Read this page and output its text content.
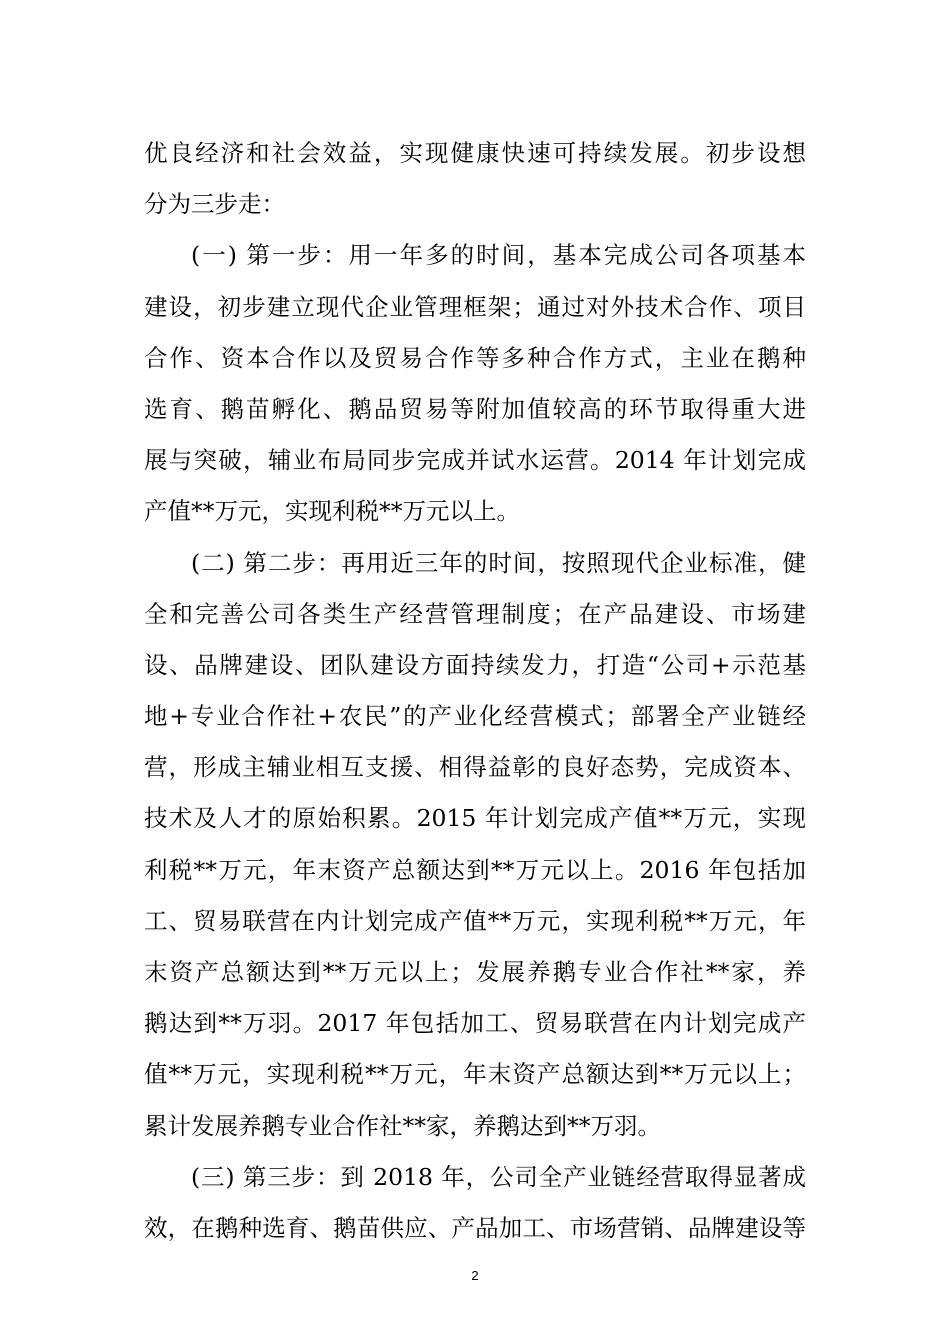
优良经济和社会效益，实现健康快速可持续发展。初步设想
分为三步走：
(一) 第一步：用一年多的时间，基本完成公司各项基本
建设，初步建立现代企业管理框架；通过对外技术合作、项目
合作、资本合作以及贸易合作等多种合作方式，主业在鹅种
选育、鹅苗孵化、鹅品贸易等附加值较高的环节取得重大进
展与突破，辅业布局同步完成并试水运营。2014 年计划完成
产值**万元，实现利税**万元以上。
(二) 第二步：再用近三年的时间，按照现代企业标准，健
全和完善公司各类生产经营管理制度；在产品建设、市场建
设、品牌建设、团队建设方面持续发力，打造“公司+示范基
地+专业合作社+农民”的产业化经营模式；部署全产业链经
营，形成主辅业相互支援、相得益彰的良好态势，完成资本、
技术及人才的原始积累。2015 年计划完成产值**万元，实现
利税**万元，年末资产总额达到**万元以上。2016 年包括加
工、贸易联营在内计划完成产值**万元，实现利税**万元，年
末资产总额达到**万元以上；发展养鹅专业合作社**家，养
鹅达到**万羽。2017 年包括加工、贸易联营在内计划完成产
值**万元，实现利税**万元，年末资产总额达到**万元以上；
累计发展养鹅专业合作社**家，养鹅达到**万羽。
(三) 第三步：到 2018 年，公司全产业链经营取得显著成
效，在鹅种选育、鹅苗供应、产品加工、市场营销、品牌建设等
2
